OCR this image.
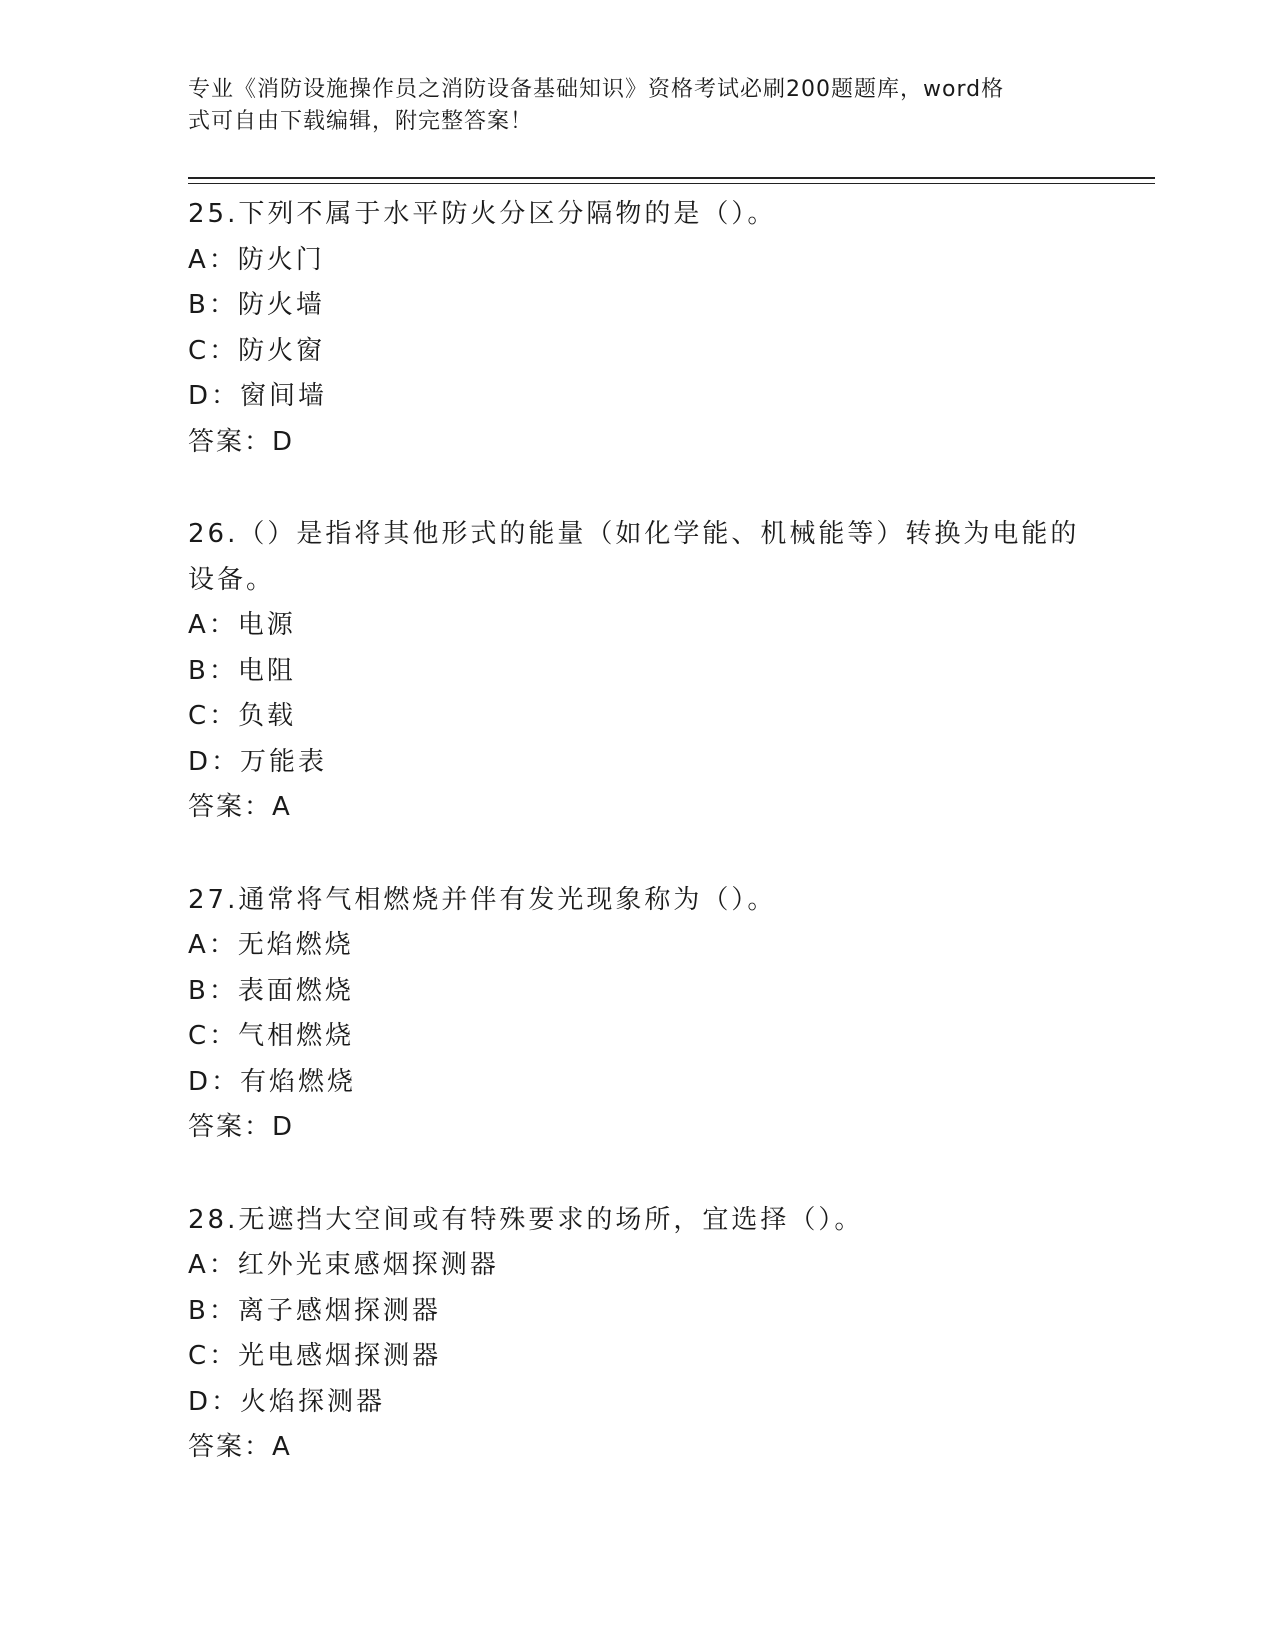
专业《消防设施操作员之消防设备基础知识》资格考试必刷200题题库，word格
式可自由下载编辑，附完整答案！

25.下列不属于水平防火分区分隔物的是（）。

A：防火门

B：防火墙

C：防火窗

D：窗间墙

答案：D

26.（）是指将其他形式的能量（如化学能、机械能等）转换为电能的设备。

A：电源

B：电阻

C：负载

D：万能表

答案：A

27.通常将气相燃烧并伴有发光现象称为（）。

A：无焰燃烧

B：表面燃烧

C：气相燃烧

D：有焰燃烧

答案：D

28.无遮挡大空间或有特殊要求的场所，宜选择（）。

A：红外光束感烟探测器

B：离子感烟探测器

C：光电感烟探测器

D：火焰探测器

答案：A
